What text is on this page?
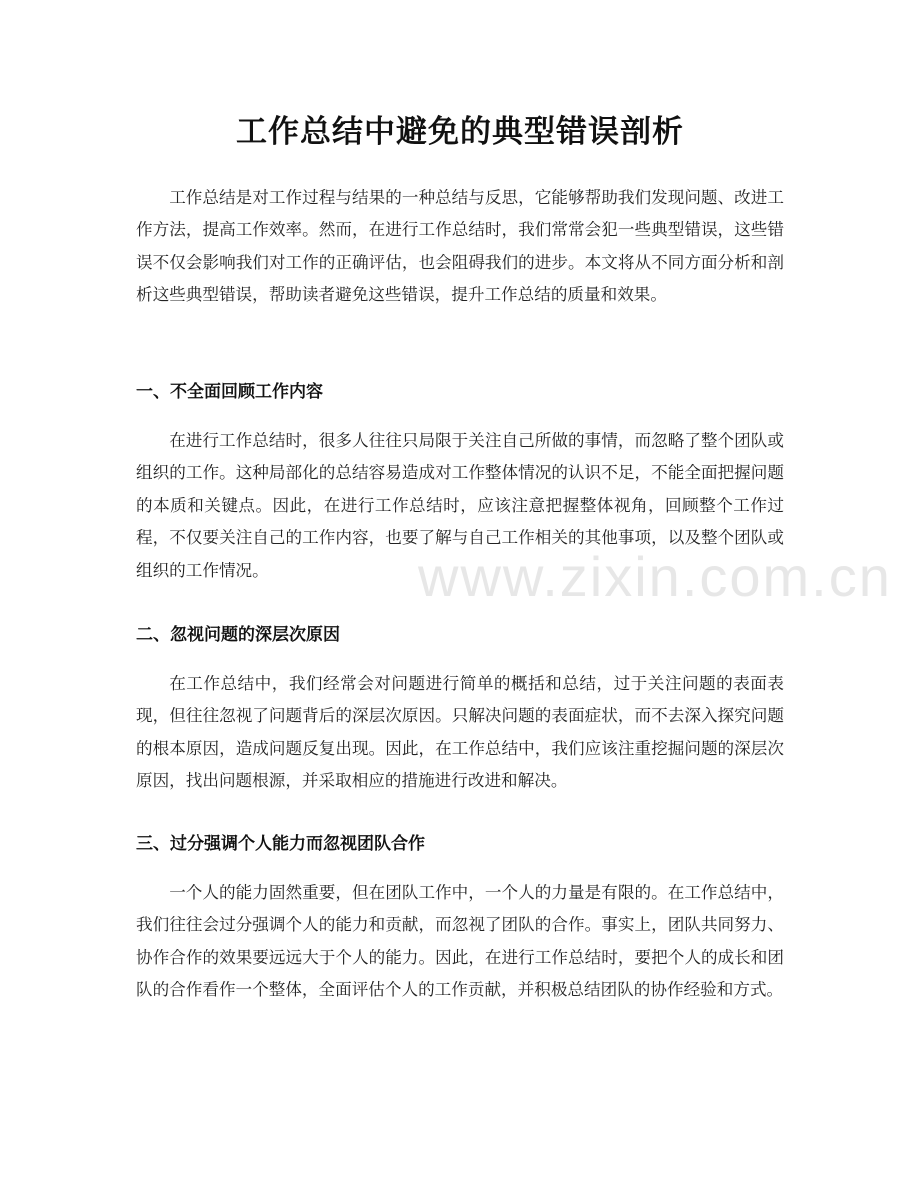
工作总结中避免的典型错误剖析

工作总结是对工作过程与结果的一种总结与反思，它能够帮助我们发现问题、改进工作方法，提高工作效率。然而，在进行工作总结时，我们常常会犯一些典型错误，这些错误不仅会影响我们对工作的正确评估，也会阻碍我们的进步。本文将从不同方面分析和剖析这些典型错误，帮助读者避免这些错误，提升工作总结的质量和效果。

一、不全面回顾工作内容

在进行工作总结时，很多人往往只局限于关注自己所做的事情，而忽略了整个团队或组织的工作。这种局部化的总结容易造成对工作整体情况的认识不足，不能全面把握问题的本质和关键点。因此，在进行工作总结时，应该注意把握整体视角，回顾整个工作过程，不仅要关注自己的工作内容，也要了解与自己工作相关的其他事项，以及整个团队或组织的工作情况。

二、忽视问题的深层次原因

在工作总结中，我们经常会对问题进行简单的概括和总结，过于关注问题的表面表现，但往往忽视了问题背后的深层次原因。只解决问题的表面症状，而不去深入探究问题的根本原因，造成问题反复出现。因此，在工作总结中，我们应该注重挖掘问题的深层次原因，找出问题根源，并采取相应的措施进行改进和解决。

三、过分强调个人能力而忽视团队合作

一个人的能力固然重要，但在团队工作中，一个人的力量是有限的。在工作总结中，我们往往会过分强调个人的能力和贡献，而忽视了团队的合作。事实上，团队共同努力、协作合作的效果要远远大于个人的能力。因此，在进行工作总结时，要把个人的成长和团队的合作看作一个整体，全面评估个人的工作贡献，并积极总结团队的协作经验和方式。

www.zixin.com.cn
